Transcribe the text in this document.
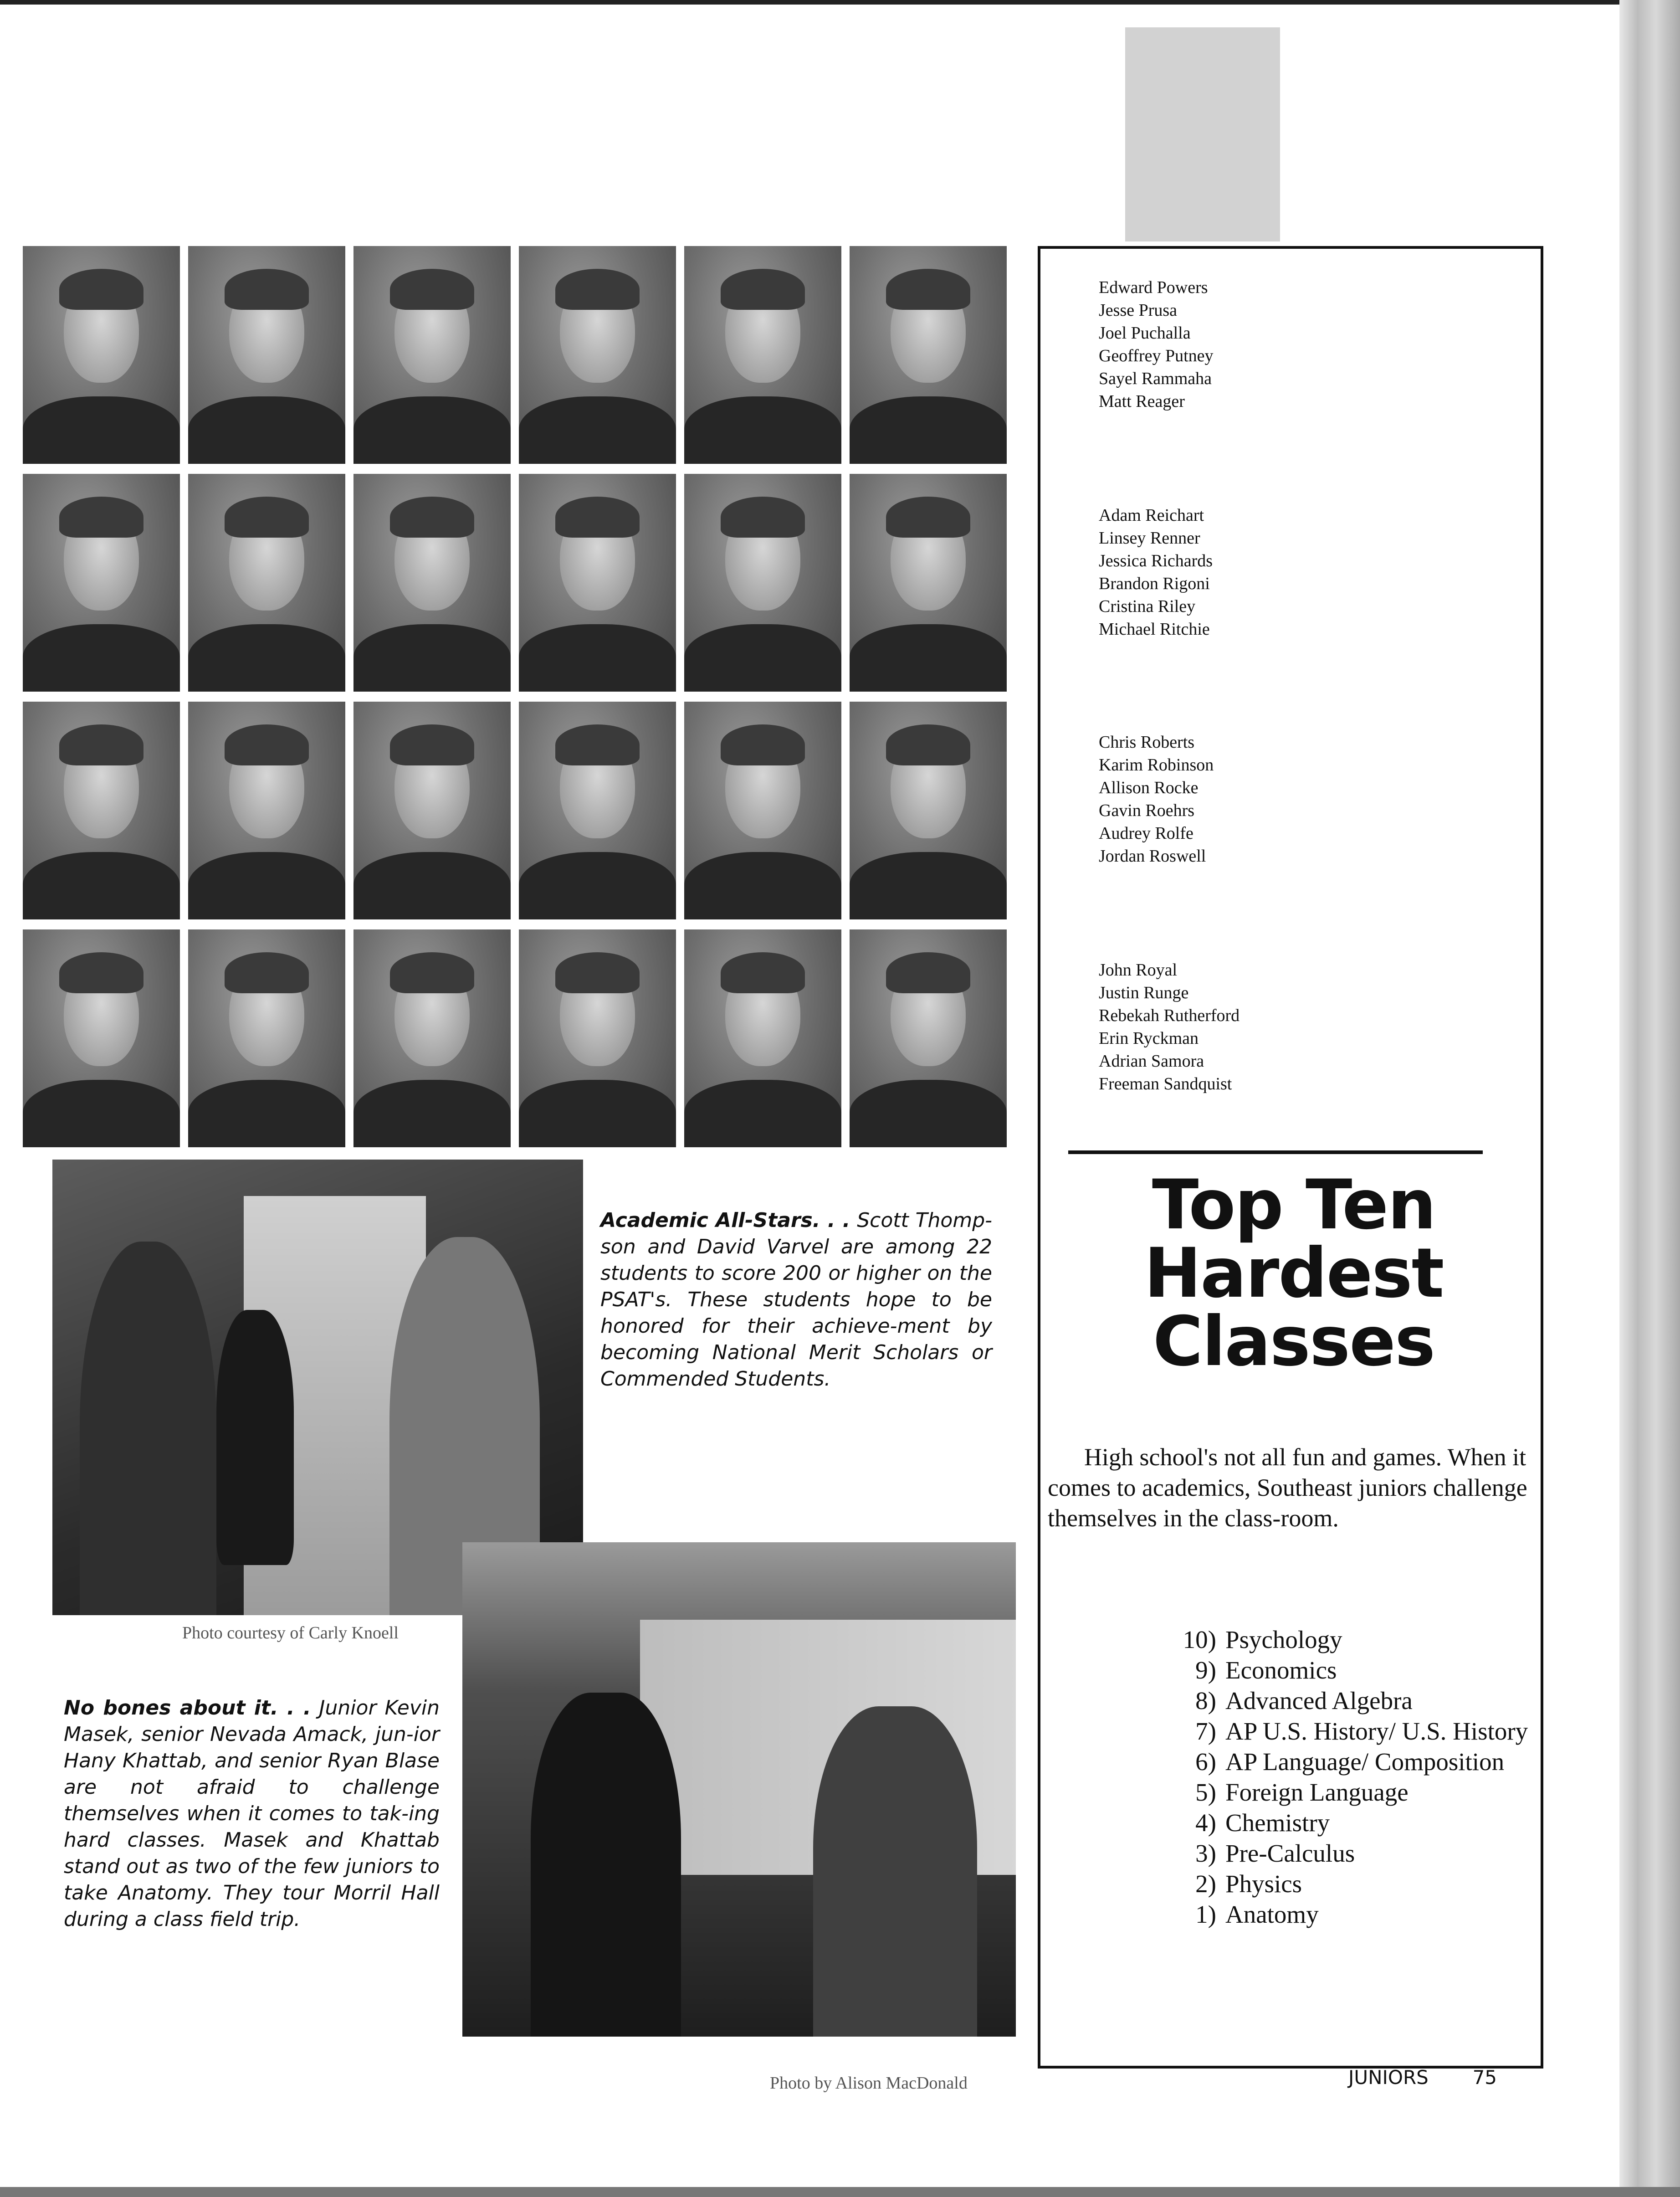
Edward Powers
Jesse Prusa
Joel Puchalla
Geoffrey Putney
Sayel Rammaha
Matt Reager
Adam Reichart
Linsey Renner
Jessica Richards
Brandon Rigoni
Cristina Riley
Michael Ritchie
Chris Roberts
Karim Robinson
Allison Rocke
Gavin Roehrs
Audrey Rolfe
Jordan Roswell
John Royal
Justin Runge
Rebekah Rutherford
Erin Ryckman
Adrian Samora
Freeman Sandquist
Top Ten
Hardest
Classes
High school's not all fun and games. When it comes to academics, Southeast juniors challenge themselves in the class-room.
10) Psychology
9) Economics
8) Advanced Algebra
7) AP U.S. History/ U.S. History
6) AP Language/ Composition
5) Foreign Language
4) Chemistry
3) Pre-Calculus
2) Physics
1) Anatomy
Photo courtesy of Carly Knoell
Photo by Alison MacDonald
Academic All-Stars. . . Scott Thomp-son and David Varvel are among 22 students to score 200 or higher on the PSAT's. These students hope to be honored for their achieve-ment by becoming National Merit Scholars or Commended Students.
No bones about it. . . Junior Kevin Masek, senior Nevada Amack, jun-ior Hany Khattab, and senior Ryan Blase are not afraid to challenge themselves when it comes to tak-ing hard classes. Masek and Khattab stand out as two of the few juniors to take Anatomy. They tour Morril Hall during a class field trip.
JUNIORS 75
